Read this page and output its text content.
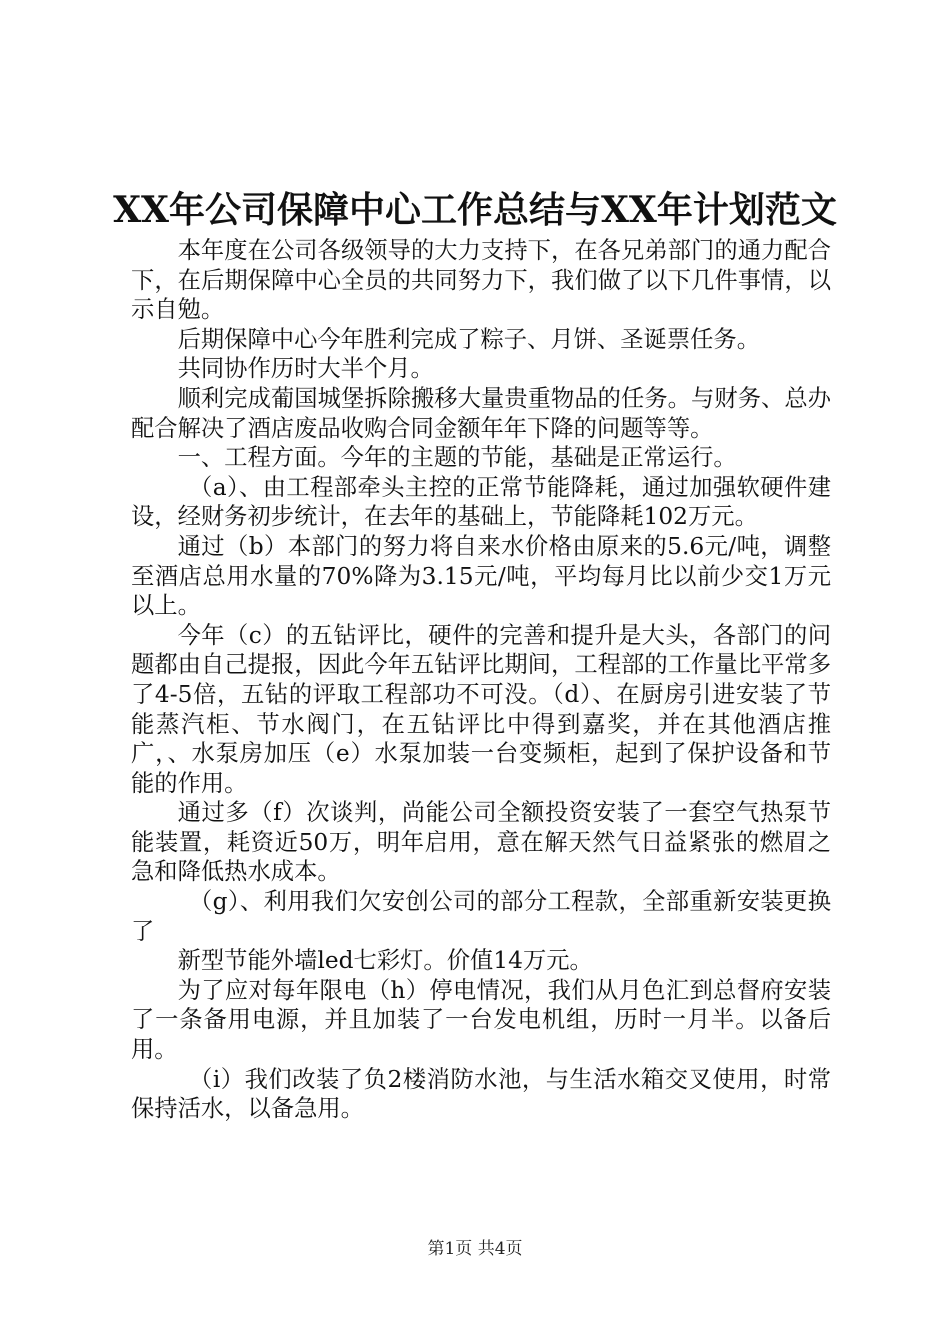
XX年公司保障中心工作总结与XX年计划范文

本年度在公司各级领导的大力支持下，在各兄弟部门的通力配合下，在后期保障中心全员的共同努力下，我们做了以下几件事情，以示自勉。

后期保障中心今年胜利完成了粽子、月饼、圣诞票任务。

共同协作历时大半个月。

顺利完成葡国城堡拆除搬移大量贵重物品的任务。与财务、总办配合解决了酒店废品收购合同金额年年下降的问题等等。

一、工程方面。今年的主题的节能，基础是正常运行。

（a）、由工程部牵头主控的正常节能降耗，通过加强软硬件建设，经财务初步统计，在去年的基础上，节能降耗102万元。

通过（b）本部门的努力将自来水价格由原来的5.6元/吨，调整至酒店总用水量的70%降为3.15元/吨，平均每月比以前少交1万元以上。

今年（c）的五钻评比，硬件的完善和提升是大头，各部门的问题都由自己提报，因此今年五钻评比期间，工程部的工作量比平常多了4-5倍，五钻的评取工程部功不可没。（d）、在厨房引进安装了节能蒸汽柜、节水阀门，在五钻评比中得到嘉奖，并在其他酒店推广，、水泵房加压（e）水泵加装一台变频柜，起到了保护设备和节能的作用。

通过多（f）次谈判，尚能公司全额投资安装了一套空气热泵节能装置，耗资近50万，明年启用，意在解天然气日益紧张的燃眉之急和降低热水成本。

（g）、利用我们欠安创公司的部分工程款，全部重新安装更换了

新型节能外墙led七彩灯。价值14万元。

为了应对每年限电（h）停电情况，我们从月色汇到总督府安装了一条备用电源，并且加装了一台发电机组，历时一月半。以备后用。

（i）我们改装了负2楼消防水池，与生活水箱交叉使用，时常保持活水，以备急用。

第1页 共4页
